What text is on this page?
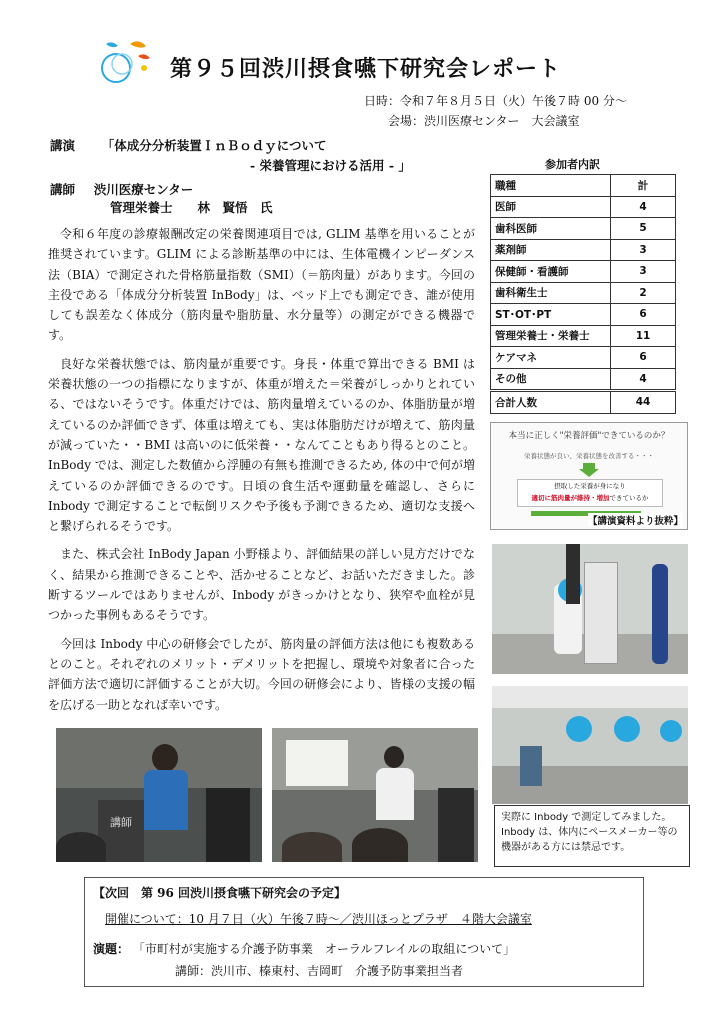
第９５回渋川摂食嚥下研究会レポート
日時：令和７年８月５日（火）午後７時 00 分～
会場：渋川医療センター　大会議室
講演 「体成分分析装置ＩｎＢｏｄｙについて
- 栄養管理における活用 - 」
講師 渋川医療センター
管理栄養士　　林　賢悟　氏

令和６年度の診療報酬改定の栄養関連項目では, GLIM 基準を用いることが推奨されています。GLIM による診断基準の中には、生体電機インピーダンス法（BIA）で測定された骨格筋量指数（SMI）（＝筋肉量）があります。今回の主役である「体成分分析装置 InBody」は、ベッド上でも測定でき、誰が使用しても誤差なく体成分（筋肉量や脂肪量、水分量等）の測定ができる機器です。

良好な栄養状態では、筋肉量が重要です。身長・体重で算出できる BMI は栄養状態の一つの指標になりますが、体重が増えた＝栄養がしっかりとれている、ではないそうです。体重だけでは、筋肉量増えているのか、体脂肪量が増えているのか評価できず、体重は増えても、実は体脂肪だけが増えて、筋肉量が減っていた・・BMI は高いのに低栄養・・なんてこともあり得るとのこと。InBody では、測定した数値から浮腫の有無も推測できるため, 体の中で何が増えているのか評価できるのです。日頃の食生活や運動量を確認し、さらに Inbody で測定することで転倒リスクや予後も予測できるため、適切な支援へと繋げられるそうです。

また、株式会社 InBody Japan 小野様より、評価結果の詳しい見方だけでなく、結果から推測できることや、活かせることなど、お話いただきました。診断するツールではありませんが、Inbody がきっかけとなり、狭窄や血栓が見つかった事例もあるそうです。

今回は Inbody 中心の研修会でしたが、筋肉量の評価方法は他にも複数あるとのこと。それぞれのメリット・デメリットを把握し、環境や対象者に合った評価方法で適切に評価することが大切。今回の研修会により、皆様の支援の幅を広げる一助となれば幸いです。

参加者内訳
職種	計
医師	4
歯科医師	5
薬剤師	3
保健師・看護師	3
歯科衛生士	2
ST･OT･PT	6
管理栄養士・栄養士	11
ケアマネ	6
その他	4
合計人数	44
本当に正しく"栄養評価"できているのか？
栄養状態が良い、栄養状態を改善する・・・
摂取した栄養が身になり
適切に筋肉量が維持・増加できているか
【講演資料より抜粋】
実際に Inbody で測定してみました。
Inbody は、体内にペースメーカー等の
機器がある方には禁忌です。
講師
【次回　第 96 回渋川摂食嚥下研究会の予定】
開催について：10 月７日（火）午後７時～／渋川ほっとプラザ　４階大会議室
演題： 「市町村が実施する介護予防事業　オーラルフレイルの取組について」
講師：渋川市、榛東村、吉岡町　介護予防事業担当者
